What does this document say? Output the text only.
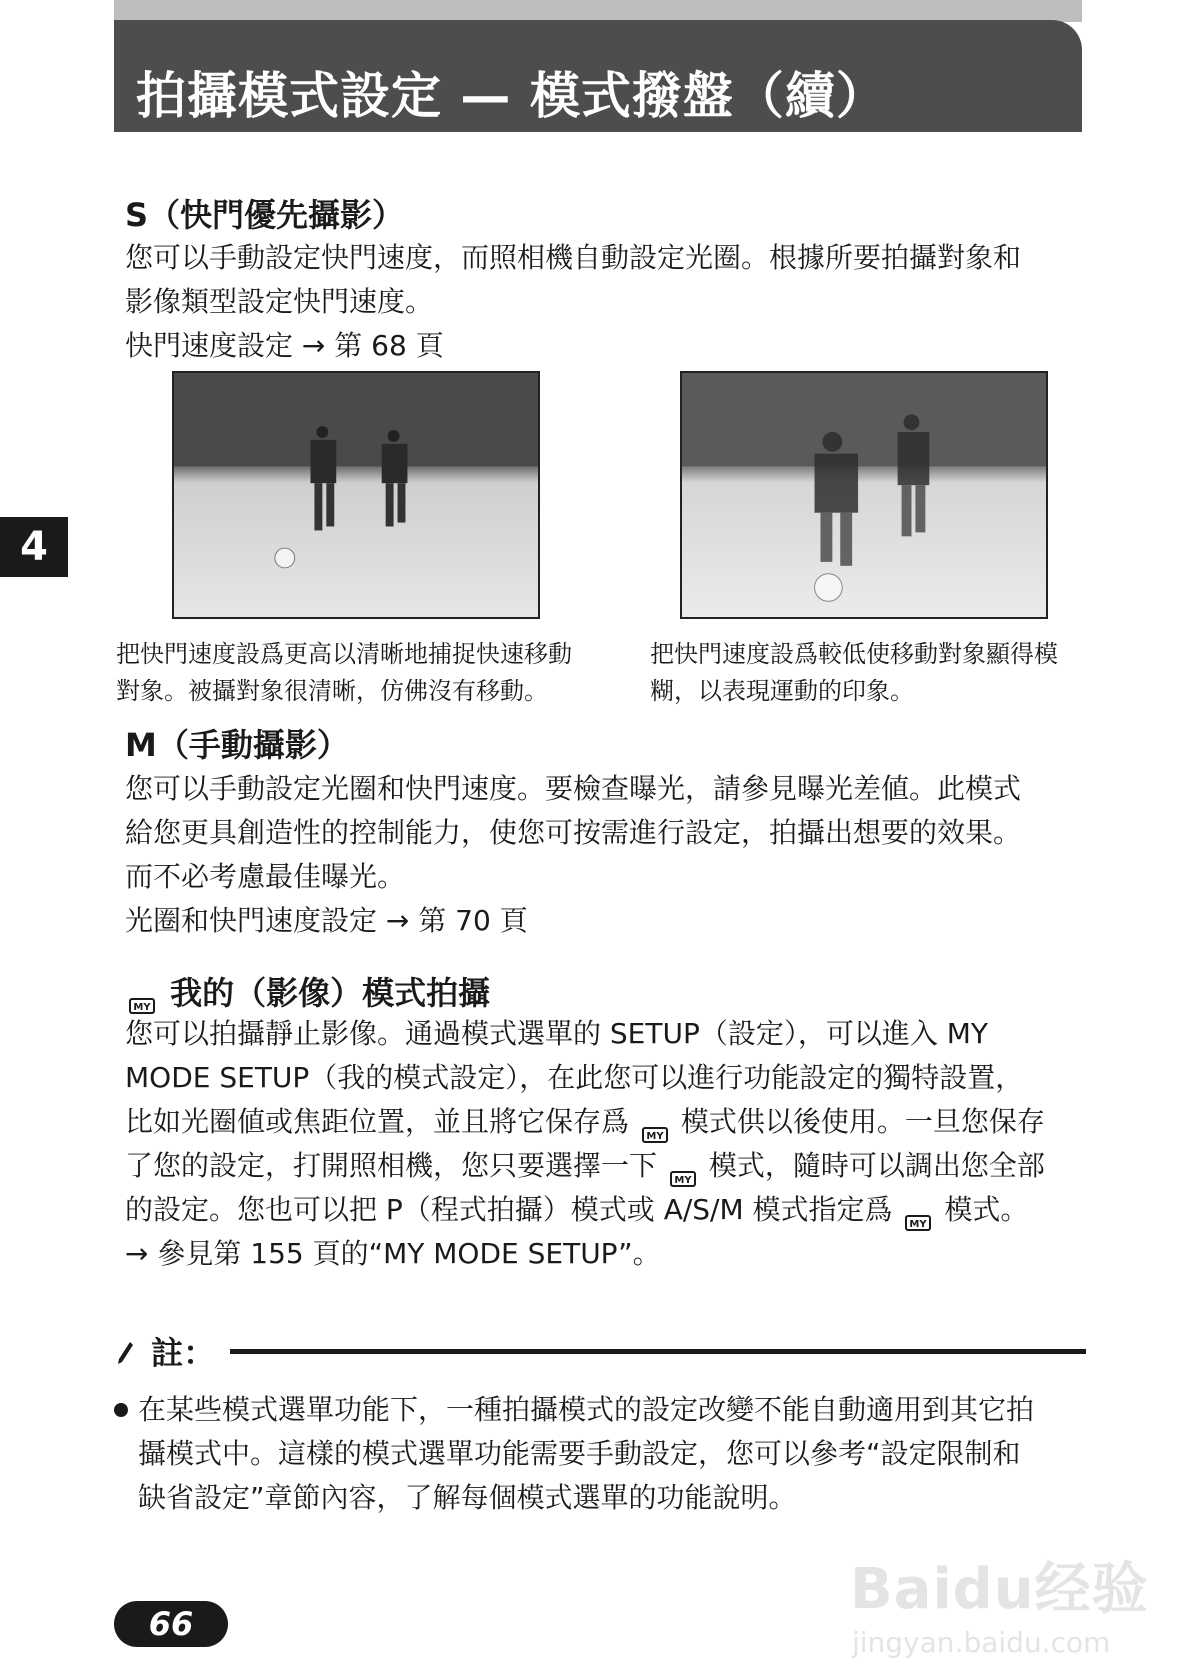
拍攝模式設定 — 模式撥盤（續）
4
S（快門優先攝影）

您可以手動設定快門速度，而照相機自動設定光圈。根據所要拍攝對象和

影像類型設定快門速度。

快門速度設定 → 第 68 頁

把快門速度設爲更高以清晰地捕捉快速移動
對象。被攝對象很清晰，仿佛沒有移動。

把快門速度設爲較低使移動對象顯得模
糊，以表現運動的印象。

M（手動攝影）

您可以手動設定光圈和快門速度。要檢查曝光，請參見曝光差値。此模式

給您更具創造性的控制能力，使您可按需進行設定，拍攝出想要的效果。

而不必考慮最佳曝光。

光圈和快門速度設定 → 第 70 頁

MY 我的（影像）模式拍攝

您可以拍攝靜止影像。通過模式選單的 SETUP（設定），可以進入 MY

MODE SETUP（我的模式設定），在此您可以進行功能設定的獨特設置，

比如光圈値或焦距位置，並且將它保存爲 MY 模式供以後使用。一旦您保存

了您的設定，打開照相機，您只要選擇一下 MY 模式，隨時可以調出您全部

的設定。您也可以把 P（程式拍攝）模式或 A/S/M 模式指定爲 MY 模式。

→ 參見第 155 頁的“MY MODE SETUP”。

註：

在某些模式選單功能下，一種拍攝模式的設定改變不能自動適用到其它拍

攝模式中。這樣的模式選單功能需要手動設定，您可以參考“設定限制和

缺省設定”章節內容，了解每個模式選單的功能說明。

66
Baidu经验
jingyan.baidu.com
